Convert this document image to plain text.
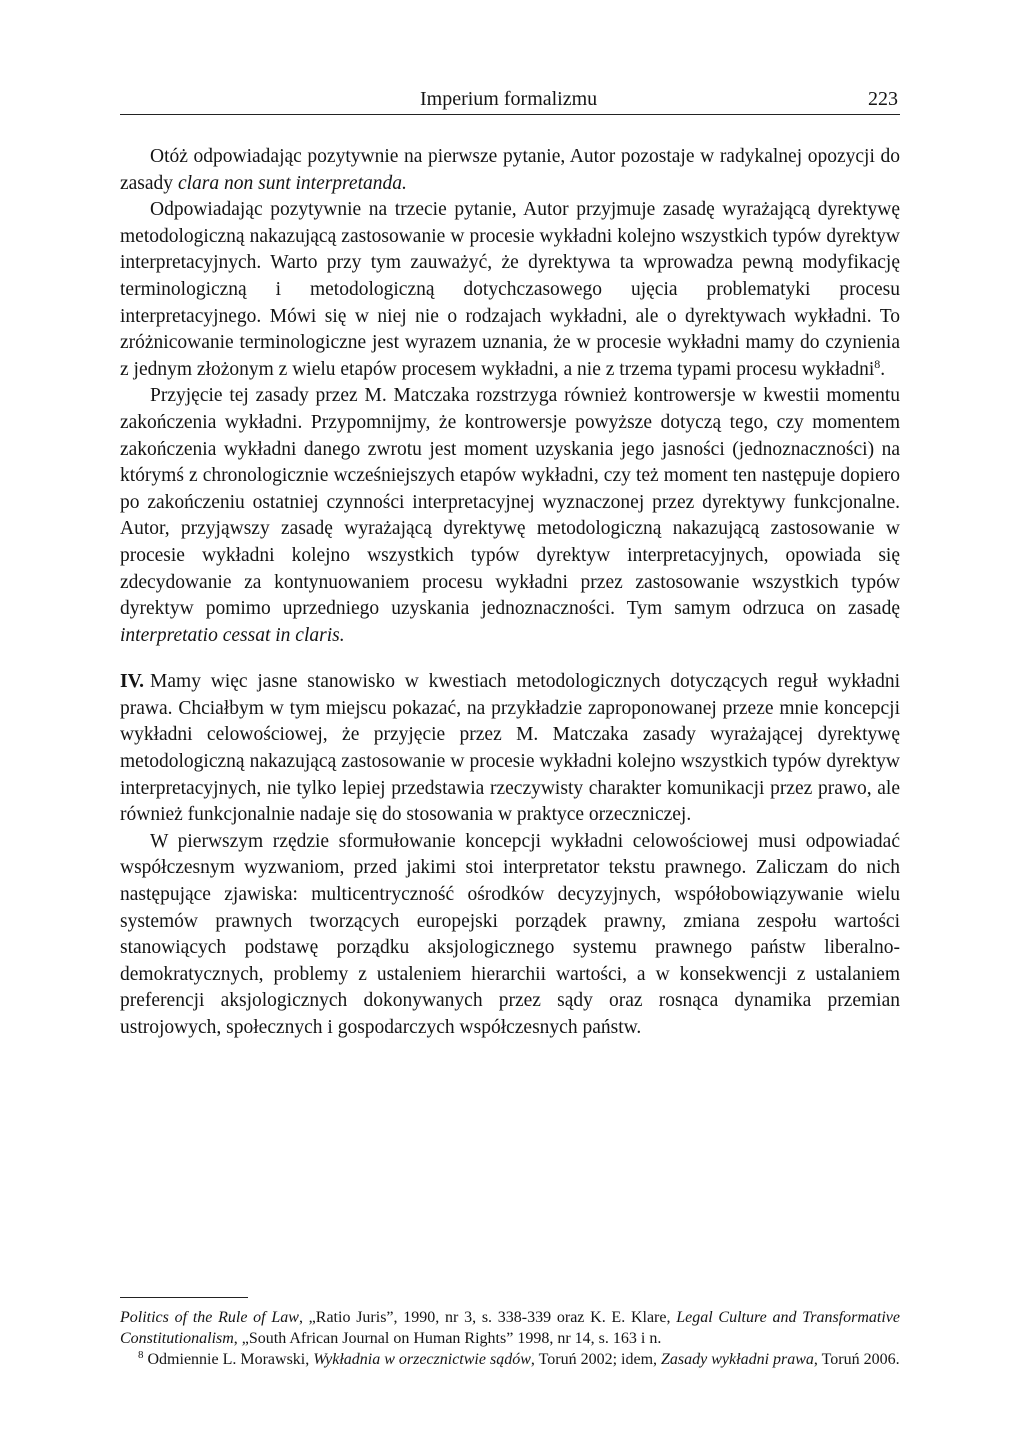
Imperium formalizmu	223

Otóż odpowiadając pozytywnie na pierwsze pytanie, Autor pozostaje w radykalnej opozycji do zasady clara non sunt interpretanda.

Odpowiadając pozytywnie na trzecie pytanie, Autor przyjmuje zasadę wyrażającą dyrektywę metodologiczną nakazującą zastosowanie w procesie wykładni kolejno wszystkich typów dyrektyw interpretacyjnych. Warto przy tym zauważyć, że dyrektywa ta wprowadza pewną modyfikację terminologiczną i metodologiczną dotychczasowego ujęcia problematyki procesu interpretacyjnego. Mówi się w niej nie o rodzajach wykładni, ale o dyrektywach wykładni. To zróżnicowanie terminologiczne jest wyrazem uznania, że w procesie wykładni mamy do czynienia z jednym złożonym z wielu etapów procesem wykładni, a nie z trzema typami procesu wykładni$^8$.

Przyjęcie tej zasady przez M. Matczaka rozstrzyga również kontrowersje w kwestii momentu zakończenia wykładni. Przypomnijmy, że kontrowersje powyższe dotyczą tego, czy momentem zakończenia wykładni danego zwrotu jest moment uzyskania jego jasności (jednoznaczności) na którymś z chronologicznie wcześniejszych etapów wykładni, czy też moment ten następuje dopiero po zakończeniu ostatniej czynności interpretacyjnej wyznaczonej przez dyrektywy funkcjonalne. Autor, przyjąwszy zasadę wyrażającą dyrektywę metodologiczną nakazującą zastosowanie w procesie wykładni kolejno wszystkich typów dyrektyw interpretacyjnych, opowiada się zdecydowanie za kontynuowaniem procesu wykładni przez zastosowanie wszystkich typów dyrektyw pomimo uprzedniego uzyskania jednoznaczności. Tym samym odrzuca on zasadę interpretatio cessat in claris.

IV. Mamy więc jasne stanowisko w kwestiach metodologicznych dotyczących reguł wykładni prawa. Chciałbym w tym miejscu pokazać, na przykładzie zaproponowanej przeze mnie koncepcji wykładni celowościowej, że przyjęcie przez M. Matczaka zasady wyrażającej dyrektywę metodologiczną nakazującą zastosowanie w procesie wykładni kolejno wszystkich typów dyrektyw interpretacyjnych, nie tylko lepiej przedstawia rzeczywisty charakter komunikacji przez prawo, ale również funkcjonalnie nadaje się do stosowania w praktyce orzeczniczej.

W pierwszym rzędzie sformułowanie koncepcji wykładni celowościowej musi odpowiadać współczesnym wyzwaniom, przed jakimi stoi interpretator tekstu prawnego. Zaliczam do nich następujące zjawiska: multicentryczność ośrodków decyzyjnych, współobowiązywanie wielu systemów prawnych tworzących europejski porządek prawny, zmiana zespołu wartości stanowiących podstawę porządku aksjologicznego systemu prawnego państw liberalno-demokratycznych, problemy z ustaleniem hierarchii wartości, a w konsekwencji z ustalaniem preferencji aksjologicznych dokonywanych przez sądy oraz rosnąca dynamika przemian ustrojowych, społecznych i gospodarczych współczesnych państw.

Politics of the Rule of Law, „Ratio Juris”, 1990, nr 3, s. 338-339 oraz K. E. Klare, Legal Culture and Transformative Constitutionalism, „South African Journal on Human Rights” 1998, nr 14, s. 163 i n.

$^8$ Odmiennie L. Morawski, Wykładnia w orzecznictwie sądów, Toruń 2002; idem, Zasady wykładni prawa, Toruń 2006.
